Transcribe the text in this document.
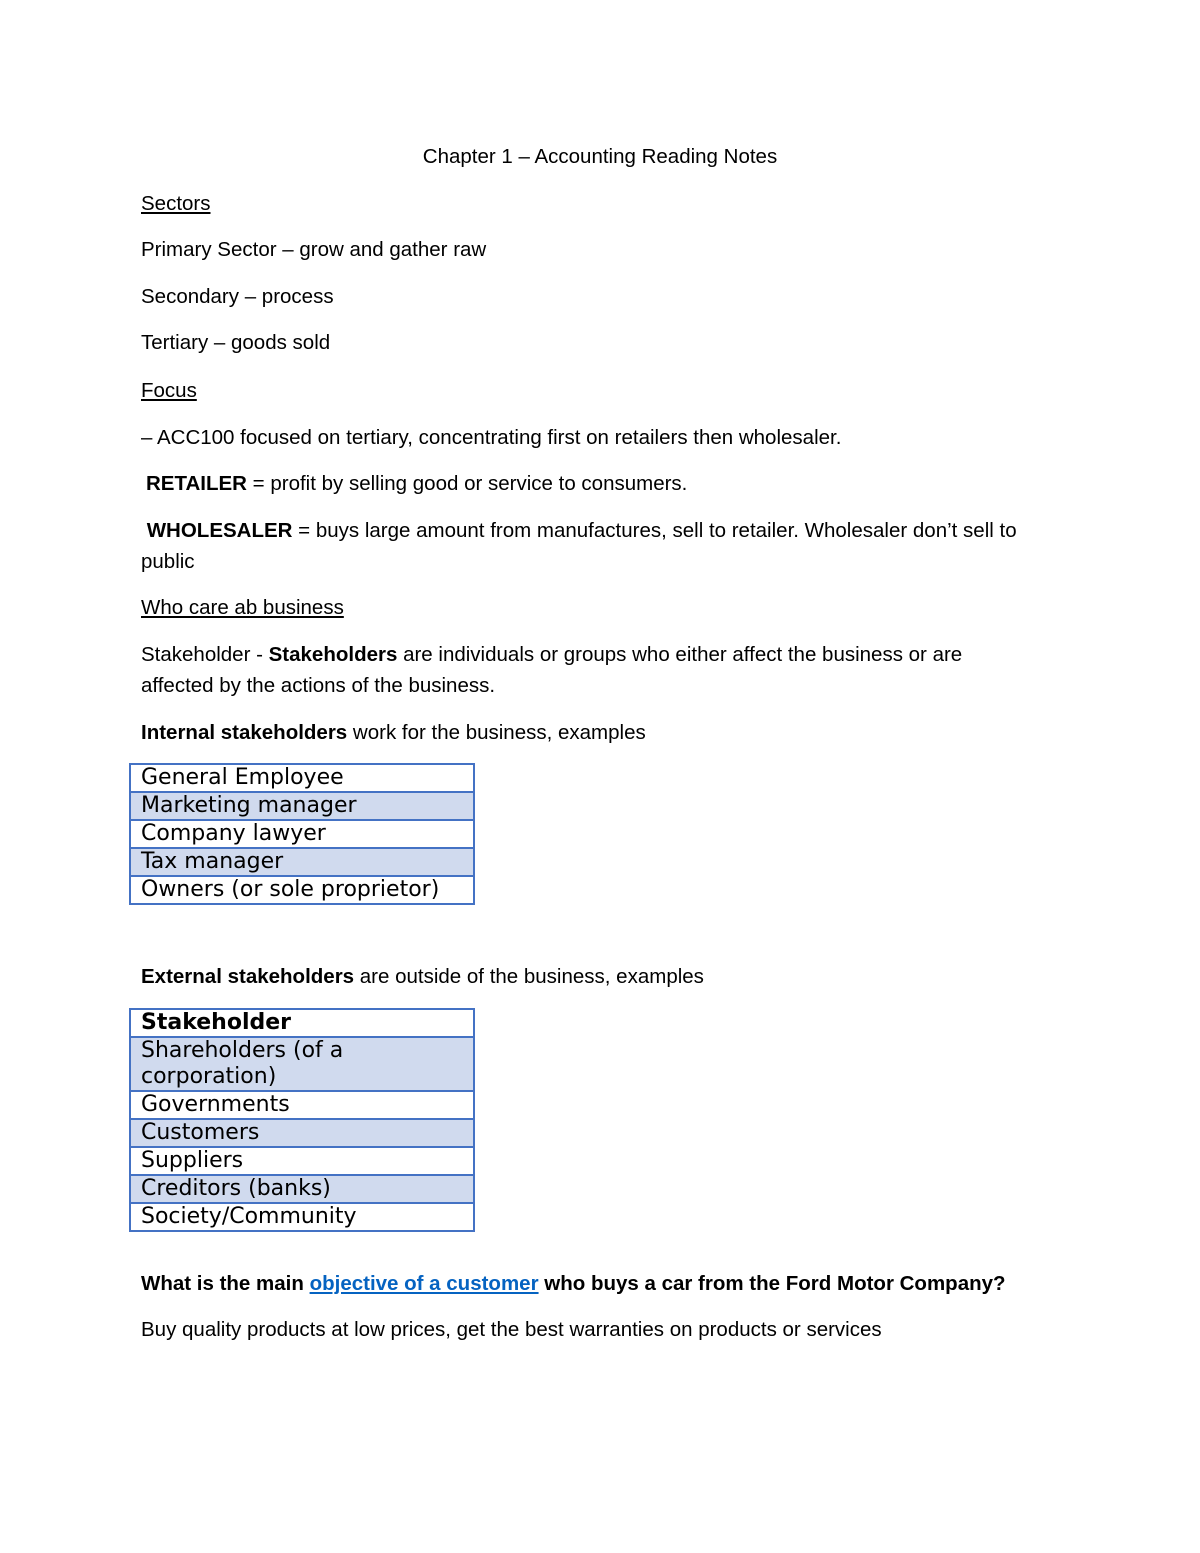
Chapter 1 – Accounting Reading Notes
Sectors
Primary Sector – grow and gather raw
Secondary – process
Tertiary – goods sold
Focus
– ACC100 focused on tertiary, concentrating first on retailers then wholesaler.
RETAILER = profit by selling good or service to consumers.
WHOLESALER = buys large amount from manufactures, sell to retailer. Wholesaler don’t sell to public
Who care ab business
Stakeholder - Stakeholders are individuals or groups who either affect the business or are affected by the actions of the business.
Internal stakeholders work for the business, examples
General Employee
Marketing manager
Company lawyer
Tax manager
Owners (or sole proprietor)
External stakeholders are outside of the business, examples
Stakeholder
Shareholders (of a corporation)
Governments
Customers
Suppliers
Creditors (banks)
Society/Community
What is the main objective of a customer who buys a car from the Ford Motor Company?
Buy quality products at low prices, get the best warranties on products or services
